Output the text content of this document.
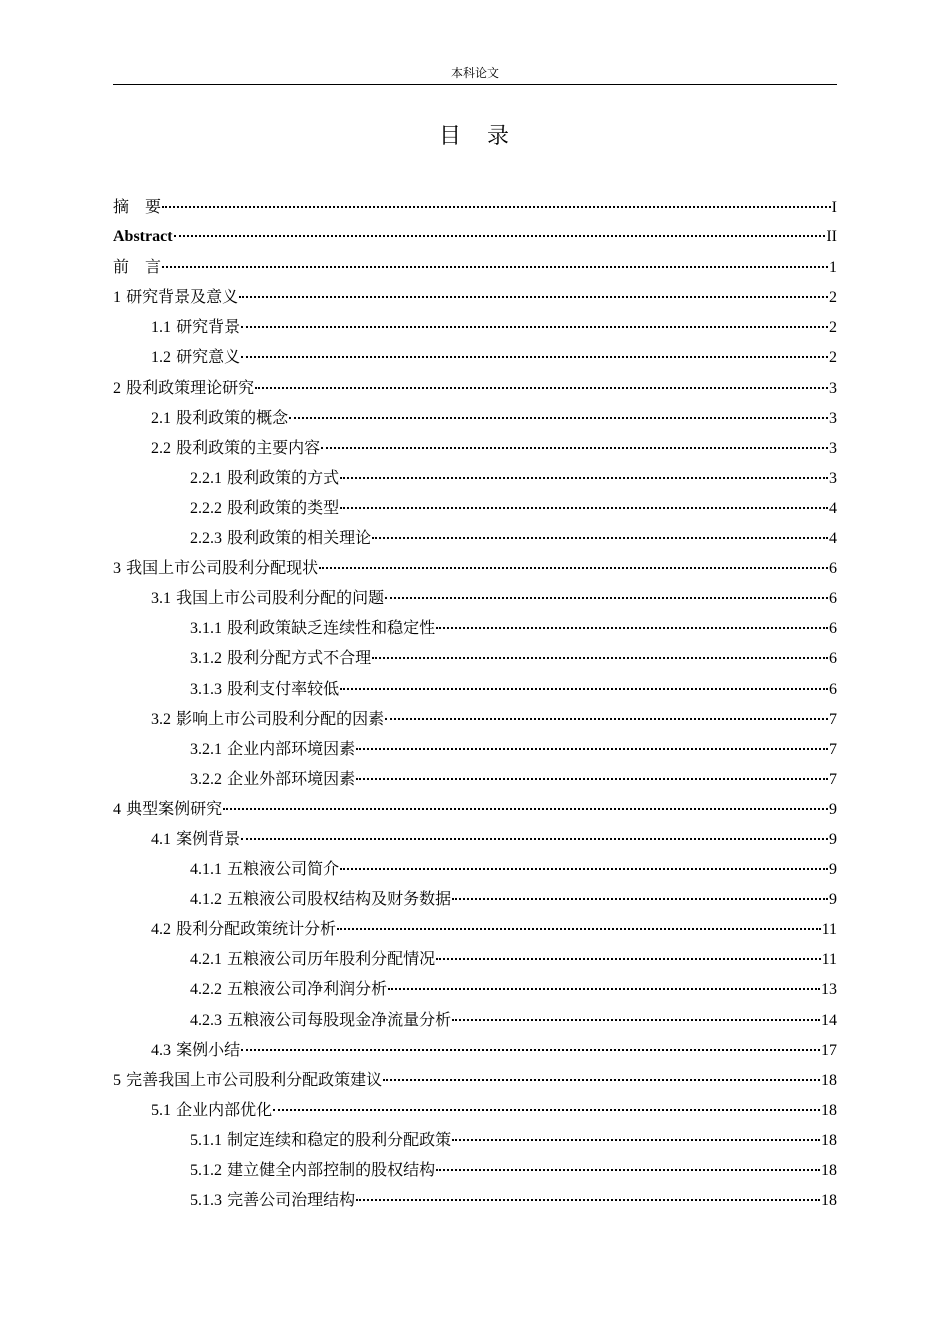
本科论文
目 录
摘　要	I
Abstract	II
前　言	1
1 研究背景及意义	2
1.1 研究背景	2
1.2 研究意义	2
2 股利政策理论研究	3
2.1 股利政策的概念	3
2.2 股利政策的主要内容	3
2.2.1 股利政策的方式	3
2.2.2 股利政策的类型	4
2.2.3 股利政策的相关理论	4
3 我国上市公司股利分配现状	6
3.1 我国上市公司股利分配的问题	6
3.1.1 股利政策缺乏连续性和稳定性	6
3.1.2 股利分配方式不合理	6
3.1.3 股利支付率较低	6
3.2 影响上市公司股利分配的因素	7
3.2.1 企业内部环境因素	7
3.2.2 企业外部环境因素	7
4 典型案例研究	9
4.1 案例背景	9
4.1.1 五粮液公司简介	9
4.1.2 五粮液公司股权结构及财务数据	9
4.2 股利分配政策统计分析	11
4.2.1 五粮液公司历年股利分配情况	11
4.2.2 五粮液公司净利润分析	13
4.2.3 五粮液公司每股现金净流量分析	14
4.3 案例小结	17
5 完善我国上市公司股利分配政策建议	18
5.1 企业内部优化	18
5.1.1 制定连续和稳定的股利分配政策	18
5.1.2 建立健全内部控制的股权结构	18
5.1.3 完善公司治理结构	18
